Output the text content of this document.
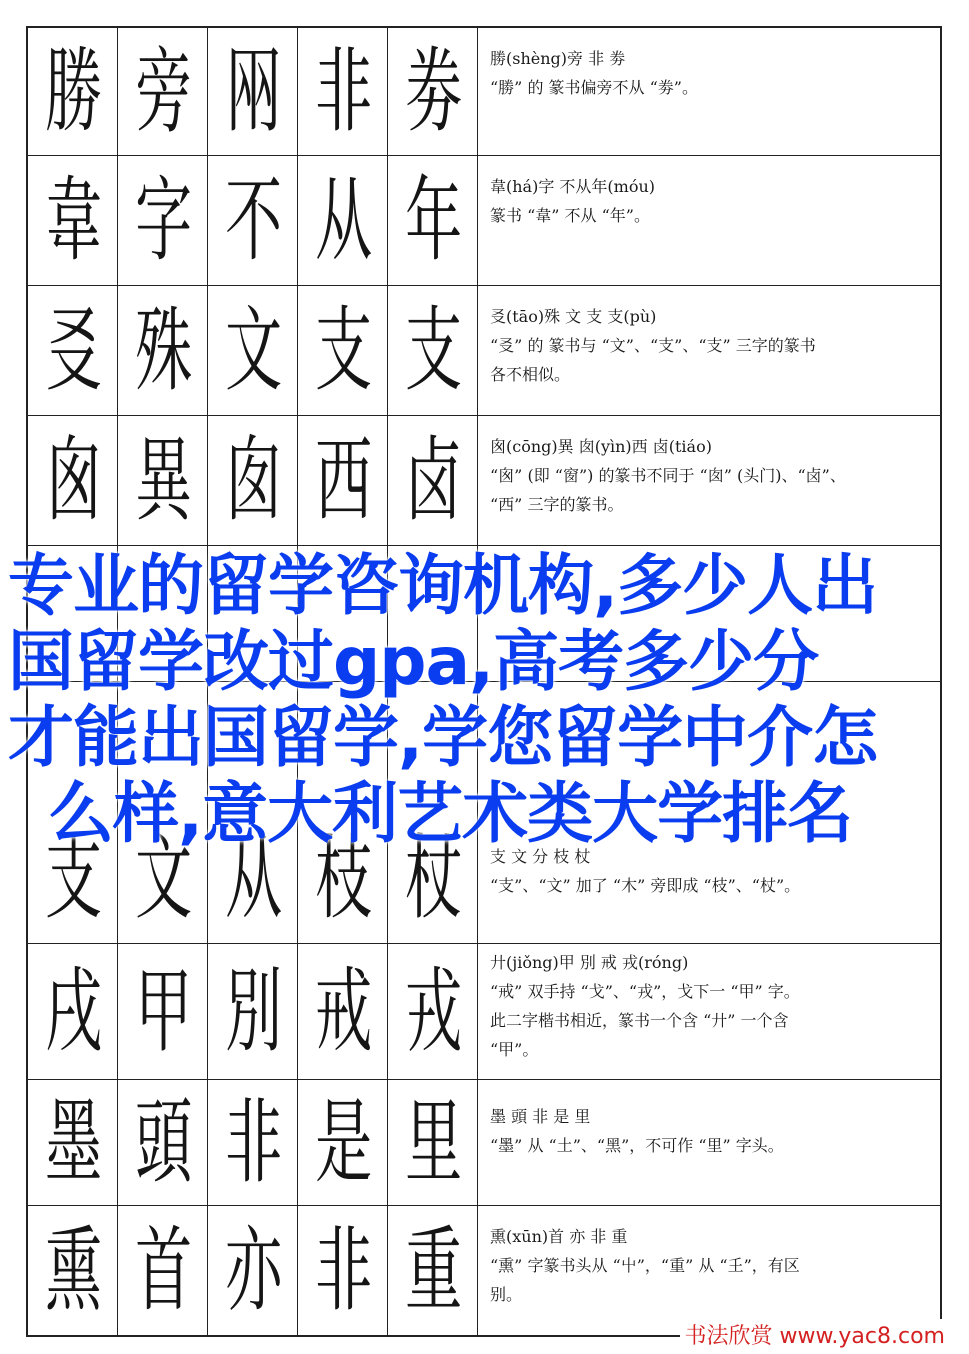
勝 旁 㒳 非 劵 勝(shèng)旁 非 劵
“勝” 的 篆书偏旁不从 “劵”。
韋 字 不 从 年 韋(há)字 不从年(móu)
篆书 “韋” 不从 “年”。
㕛 殊 文 支 支 㕛(tāo)殊 文 支 支(pù)
“㕛” 的 篆书与 “文”、“支”、“支” 三字的篆书
各不相似。
囪 異 囱 西 卤 囪(cōng)異 囱(yìn)西 卤(tiáo)
“囪” (即 “窗”) 的篆书不同于 “囱” (头门)、“卤”、
“西” 三字的篆书。
支 文 从 枝 杖 支 文 分 枝 杖
“支”、“文” 加了 “木” 旁即成 “枝”、“杖”。
戌 甲 別 戒 戎 廾(jiǒng)甲 別 戒 戎(róng)
“戒” 双手持 “戈”、“戎”，戈下一 “甲” 字。
此二字楷书相近，篆书一个含 “廾” 一个含
“甲”。
墨 頭 非 是 里 墨 頭 非 是 里
“墨” 从 “土”、“黑”，不可作 “里” 字头。
熏 首 亦 非 重 熏(xūn)首 亦 非 重
“熏” 字篆书头从 “屮”，“重” 从 “𡈼”，有区
别。
专业的留学咨询机构,多少人出
国留学改过gpa,高考多少分
才能出国留学,学您留学中介怎
么样,意大利艺术类大学排名
书法欣赏 www.yac8.com
